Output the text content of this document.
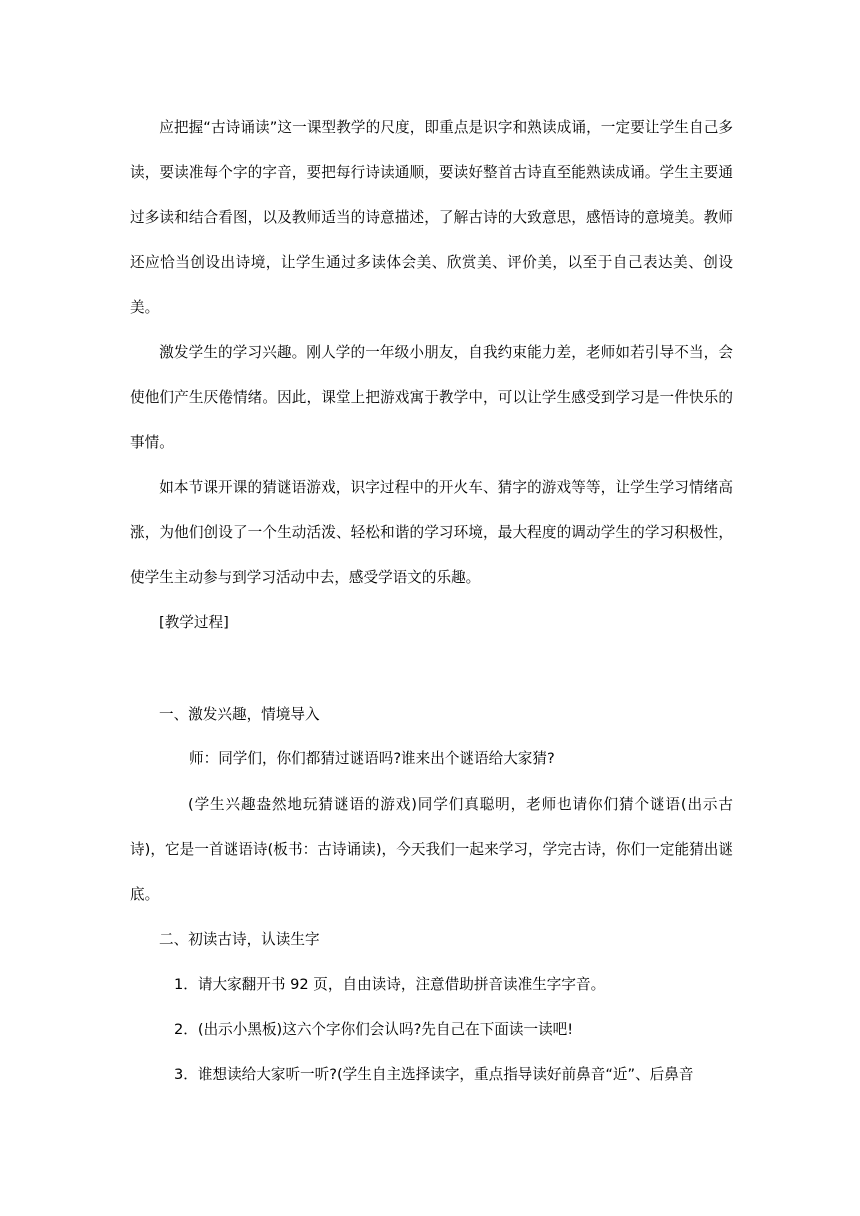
应把握“古诗诵读”这一课型教学的尺度，即重点是识字和熟读成诵，一定要让学生自己多读，要读准每个字的字音，要把每行诗读通顺，要读好整首古诗直至能熟读成诵。学生主要通过多读和结合看图，以及教师适当的诗意描述，了解古诗的大致意思，感悟诗的意境美。教师还应恰当创设出诗境，让学生通过多读体会美、欣赏美、评价美，以至于自己表达美、创设美。

激发学生的学习兴趣。刚人学的一年级小朋友，自我约束能力差，老师如若引导不当，会使他们产生厌倦情绪。因此，课堂上把游戏寓于教学中，可以让学生感受到学习是一件快乐的事情。

如本节课开课的猜谜语游戏，识字过程中的开火车、猜字的游戏等等，让学生学习情绪高涨，为他们创设了一个生动活泼、轻松和谐的学习环境，最大程度的调动学生的学习积极性，使学生主动参与到学习活动中去，感受学语文的乐趣。

[教学过程]
一、激发兴趣，情境导入
师：同学们，你们都猜过谜语吗?谁来出个谜语给大家猜?

(学生兴趣盎然地玩猜谜语的游戏)同学们真聪明，老师也请你们猜个谜语(出示古诗)，它是一首谜语诗(板书：古诗诵读)，今天我们一起来学习，学完古诗，你们一定能猜出谜底。

二、初读古诗，认读生字
1．请大家翻开书 92 页，自由读诗，注意借助拼音读准生字字音。
2．(出示小黑板)这六个字你们会认吗?先自己在下面读一读吧!
3．谁想读给大家听一听?(学生自主选择读字，重点指导读好前鼻音“近”、后鼻音
